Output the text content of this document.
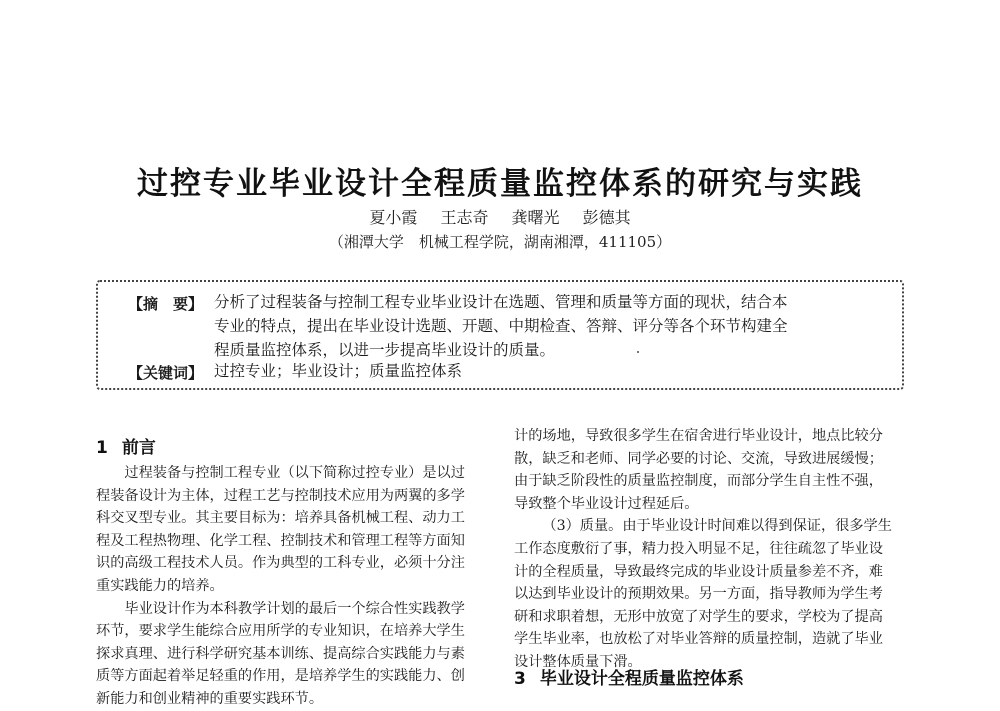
过控专业毕业设计全程质量监控体系的研究与实践
夏小霞 王志奇 龚曙光 彭德其
（湘潭大学　机械工程学院，湖南湘潭，411105）
【摘　要】 分析了过程装备与控制工程专业毕业设计在选题、管理和质量等方面的现状，结合本
专业的特点，提出在毕业设计选题、开题、中期检查、答辩、评分等各个环节构建全
程质量监控体系，以进一步提高毕业设计的质量。
【关键词】 过控专业；毕业设计；质量监控体系
1 前言

过程装备与控制工程专业（以下简称过控专业）是以过

程装备设计为主体，过程工艺与控制技术应用为两翼的多学

科交叉型专业。其主要目标为：培养具备机械工程、动力工

程及工程热物理、化学工程、控制技术和管理工程等方面知

识的高级工程技术人员。作为典型的工科专业，必须十分注

重实践能力的培养。

毕业设计作为本科教学计划的最后一个综合性实践教学

环节，要求学生能综合应用所学的专业知识，在培养大学生

探求真理、进行科学研究基本训练、提高综合实践能力与素

质等方面起着举足轻重的作用，是培养学生的实践能力、创

新能力和创业精神的重要实践环节。

计的场地，导致很多学生在宿舍进行毕业设计，地点比较分

散，缺乏和老师、同学必要的讨论、交流，导致进展缓慢；

由于缺乏阶段性的质量监控制度，而部分学生自主性不强，

导致整个毕业设计过程延后。

（3）质量。由于毕业设计时间难以得到保证，很多学生

工作态度敷衍了事，精力投入明显不足，往往疏忽了毕业设

计的全程质量，导致最终完成的毕业设计质量参差不齐，难

以达到毕业设计的预期效果。另一方面，指导教师为学生考

研和求职着想，无形中放宽了对学生的要求，学校为了提高

学生毕业率，也放松了对毕业答辩的质量控制，造就了毕业

设计整体质量下滑。

3 毕业设计全程质量监控体系
